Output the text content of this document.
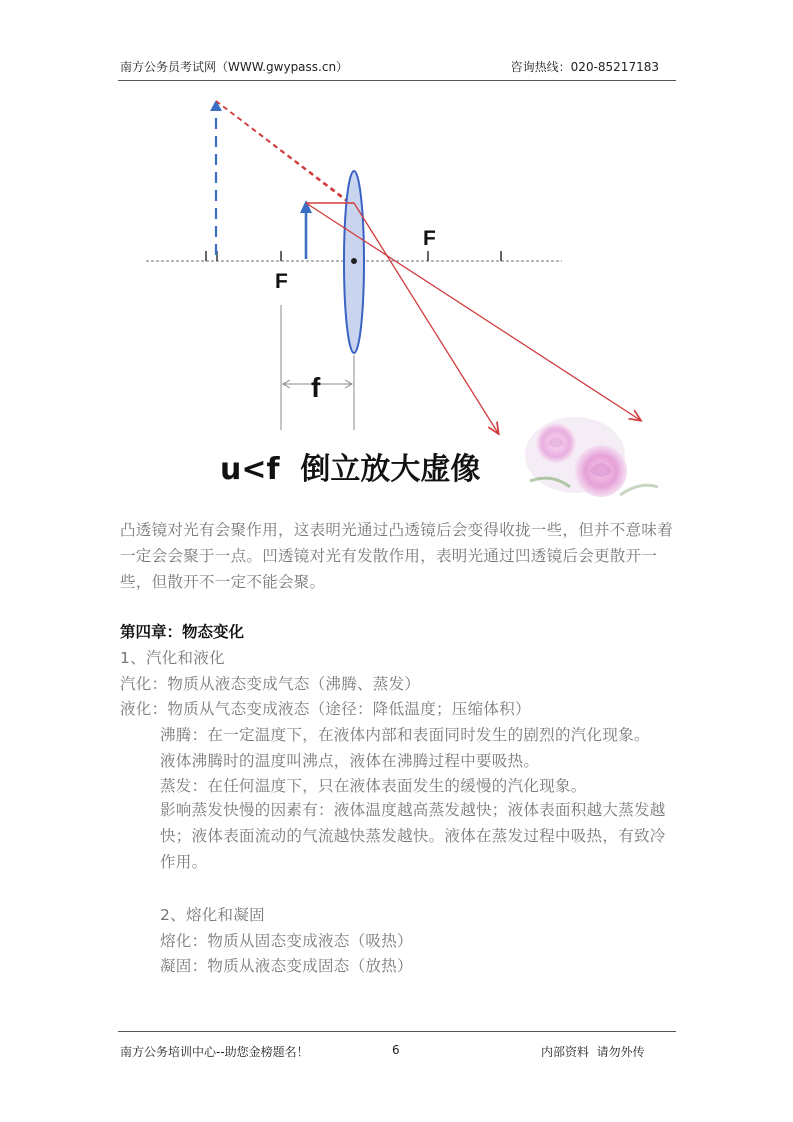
南方公务员考试网（WWW.gwypass.cn）	咨询热线：020-85217183
F
F
f
u<f  倒立放大虚像
凸透镜对光有会聚作用，这表明光通过凸透镜后会变得收拢一些，但并不意味着一定会会聚于一点。凹透镜对光有发散作用，表明光通过凹透镜后会更散开一些，但散开不一定不能会聚。
第四章：物态变化
1、汽化和液化
汽化：物质从液态变成气态（沸腾、蒸发）
液化：物质从气态变成液态（途径：降低温度；压缩体积）
沸腾：在一定温度下，在液体内部和表面同时发生的剧烈的汽化现象。
液体沸腾时的温度叫沸点，液体在沸腾过程中要吸热。
蒸发：在任何温度下，只在液体表面发生的缓慢的汽化现象。
影响蒸发快慢的因素有：液体温度越高蒸发越快；液体表面积越大蒸发越快；液体表面流动的气流越快蒸发越快。液体在蒸发过程中吸热，有致冷作用。
2、熔化和凝固
熔化：物质从固态变成液态（吸热）
凝固：物质从液态变成固态（放热）
南方公务培训中心--助您金榜题名！	6	内部资料  请勿外传
